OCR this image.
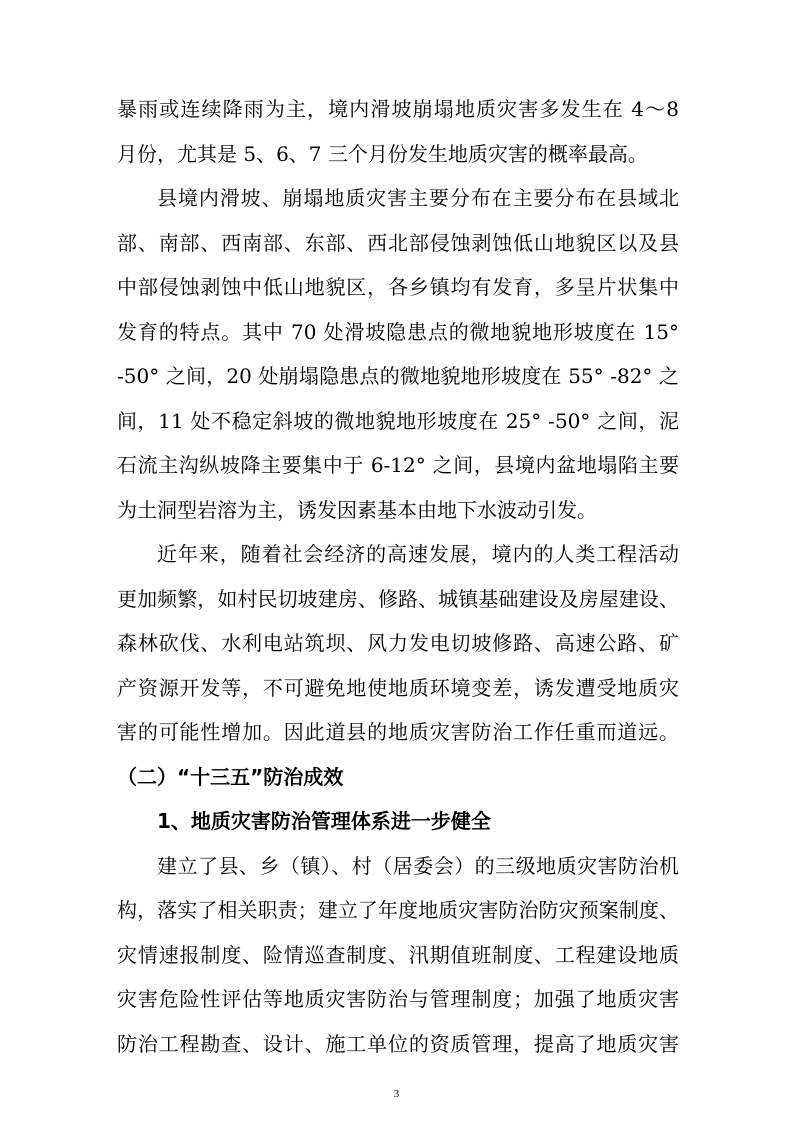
暴雨或连续降雨为主，境内滑坡崩塌地质灾害多发生在 4～8

月份，尤其是 5、6、7 三个月份发生地质灾害的概率最高。

县境内滑坡、崩塌地质灾害主要分布在主要分布在县域北

部、南部、西南部、东部、西北部侵蚀剥蚀低山地貌区以及县

中部侵蚀剥蚀中低山地貌区，各乡镇均有发育，多呈片状集中

发育的特点。其中 70 处滑坡隐患点的微地貌地形坡度在 15°

-50° 之间，20 处崩塌隐患点的微地貌地形坡度在 55° -82° 之

间，11 处不稳定斜坡的微地貌地形坡度在 25° -50° 之间，泥

石流主沟纵坡降主要集中于 6-12° 之间，县境内盆地塌陷主要

为土洞型岩溶为主，诱发因素基本由地下水波动引发。

近年来，随着社会经济的高速发展，境内的人类工程活动

更加频繁，如村民切坡建房、修路、城镇基础建设及房屋建设、

森林砍伐、水利电站筑坝、风力发电切坡修路、高速公路、矿

产资源开发等，不可避免地使地质环境变差，诱发遭受地质灾

害的可能性增加。因此道县的地质灾害防治工作任重而道远。

（二）“十三五”防治成效

1、地质灾害防治管理体系进一步健全

建立了县、乡（镇）、村（居委会）的三级地质灾害防治机

构，落实了相关职责；建立了年度地质灾害防治防灾预案制度、

灾情速报制度、险情巡查制度、汛期值班制度、工程建设地质

灾害危险性评估等地质灾害防治与管理制度；加强了地质灾害

防治工程勘查、设计、施工单位的资质管理，提高了地质灾害

3
